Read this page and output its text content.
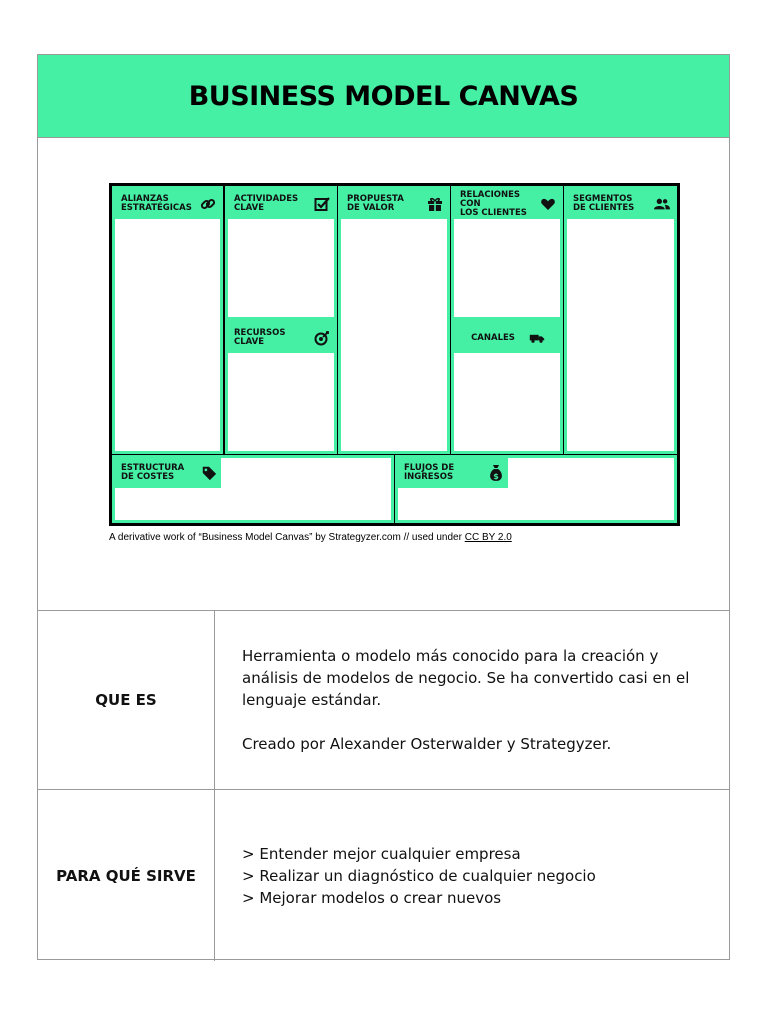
BUSINESS MODEL CANVAS
ALIANZAS
ESTRATÉGICAS
ACTIVIDADES
CLAVE
RECURSOS
CLAVE
PROPUESTA
DE VALOR
RELACIONES CON
LOS CLIENTES
CANALES
SEGMENTOS
DE CLIENTES
ESTRUCTURA
DE COSTES
FLUJOS DE
INGRESOS	$
A derivative work of “Business Model Canvas” by Strategyzer.com // used under CC BY 2.0
QUE ES

Herramienta o modelo más conocido para la creación y análisis de modelos de negocio. Se ha convertido casi en el lenguaje estándar.

Creado por Alexander Osterwalder y Strategyzer.

PARA QUÉ SIRVE

> Entender mejor cualquier empresa

> Realizar un diagnóstico de cualquier negocio

> Mejorar modelos o crear nuevos
